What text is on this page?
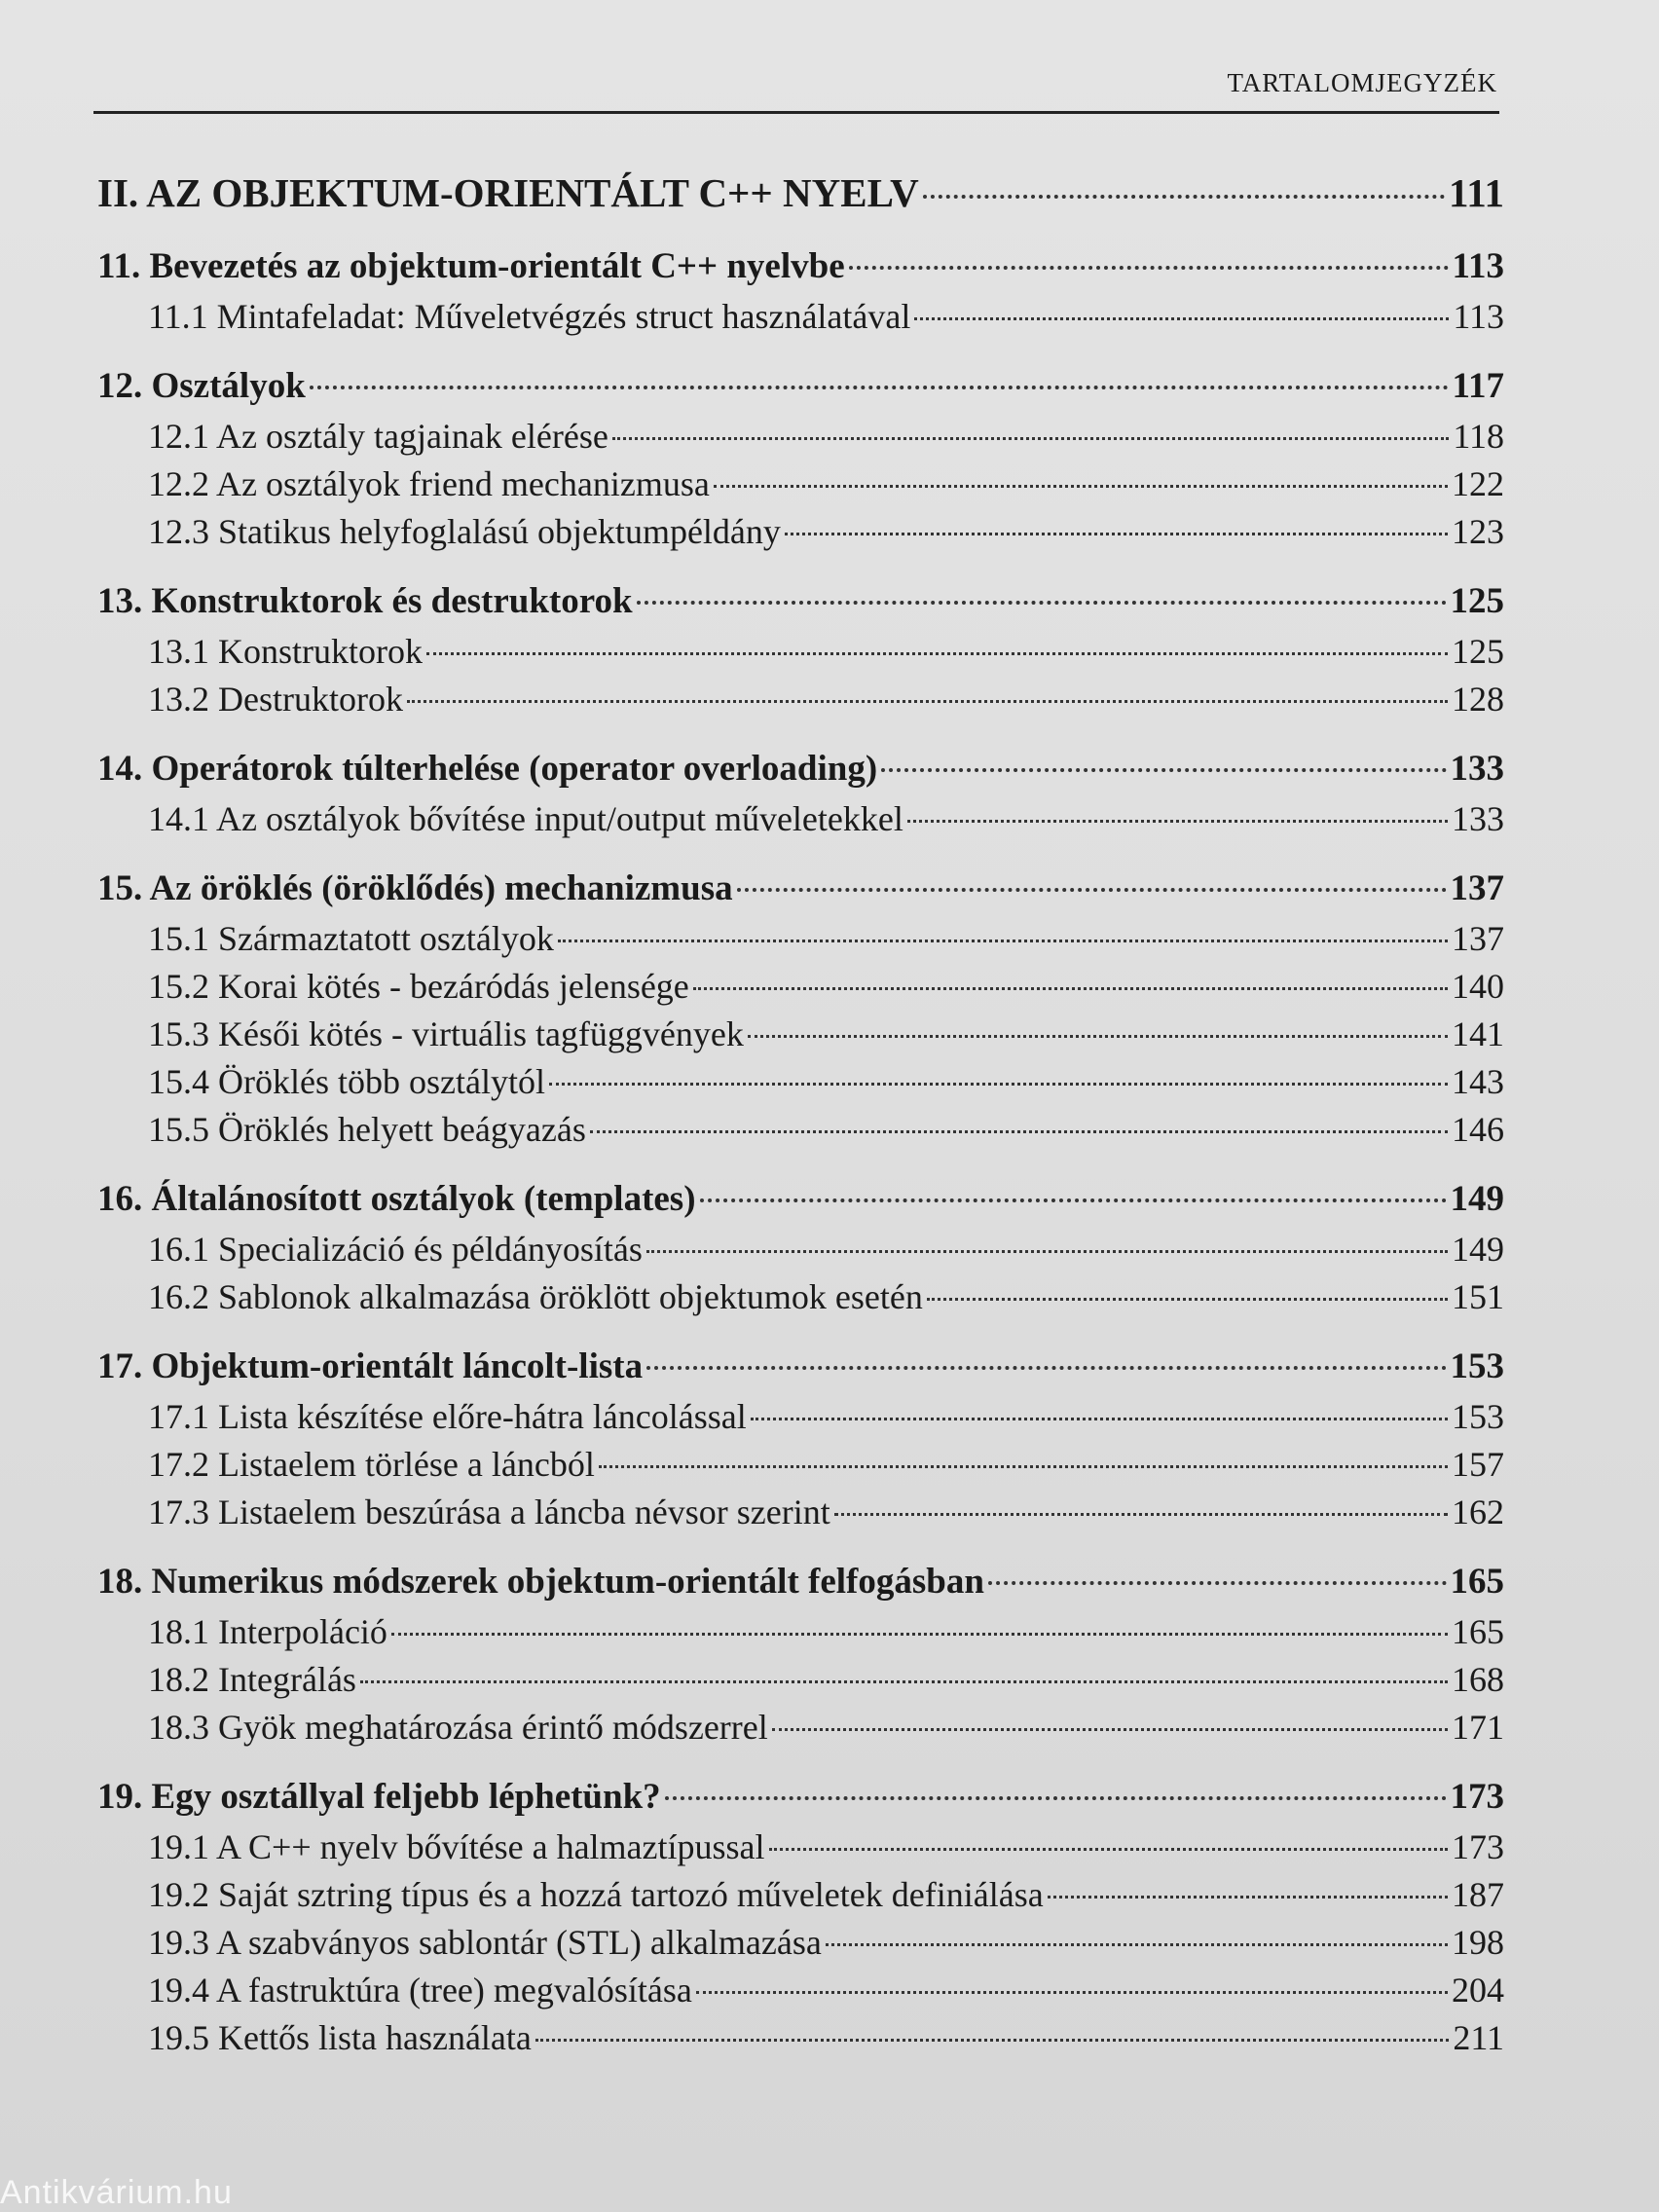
TARTALOMJEGYZÉK
II. AZ OBJEKTUM-ORIENTÁLT C++ NYELV	111
11. Bevezetés az objektum-orientált C++ nyelvbe	113
11.1 Mintafeladat: Műveletvégzés struct használatával	113
12. Osztályok	117
12.1 Az osztály tagjainak elérése	118
12.2 Az osztályok friend mechanizmusa	122
12.3 Statikus helyfoglalású objektumpéldány	123
13. Konstruktorok és destruktorok	125
13.1 Konstruktorok	125
13.2 Destruktorok	128
14. Operátorok túlterhelése (operator overloading)	133
14.1 Az osztályok bővítése input/output műveletekkel	133
15. Az öröklés (öröklődés) mechanizmusa	137
15.1 Származtatott osztályok	137
15.2 Korai kötés - bezáródás jelensége	140
15.3 Késői kötés - virtuális tagfüggvények	141
15.4 Öröklés több osztálytól	143
15.5 Öröklés helyett beágyazás	146
16. Általánosított osztályok (templates)	149
16.1 Specializáció és példányosítás	149
16.2 Sablonok alkalmazása öröklött objektumok esetén	151
17. Objektum-orientált láncolt-lista	153
17.1 Lista készítése előre-hátra láncolással	153
17.2 Listaelem törlése a láncból	157
17.3 Listaelem beszúrása a láncba névsor szerint	162
18. Numerikus módszerek objektum-orientált felfogásban	165
18.1 Interpoláció	165
18.2 Integrálás	168
18.3 Gyök meghatározása érintő módszerrel	171
19. Egy osztállyal feljebb léphetünk?	173
19.1 A C++ nyelv bővítése a halmaztípussal	173
19.2 Saját sztring típus és a hozzá tartozó műveletek definiálása	187
19.3 A szabványos sablontár (STL) alkalmazása	198
19.4 A fastruktúra (tree) megvalósítása	204
19.5 Kettős lista használata	211
Antikvárium.hu
